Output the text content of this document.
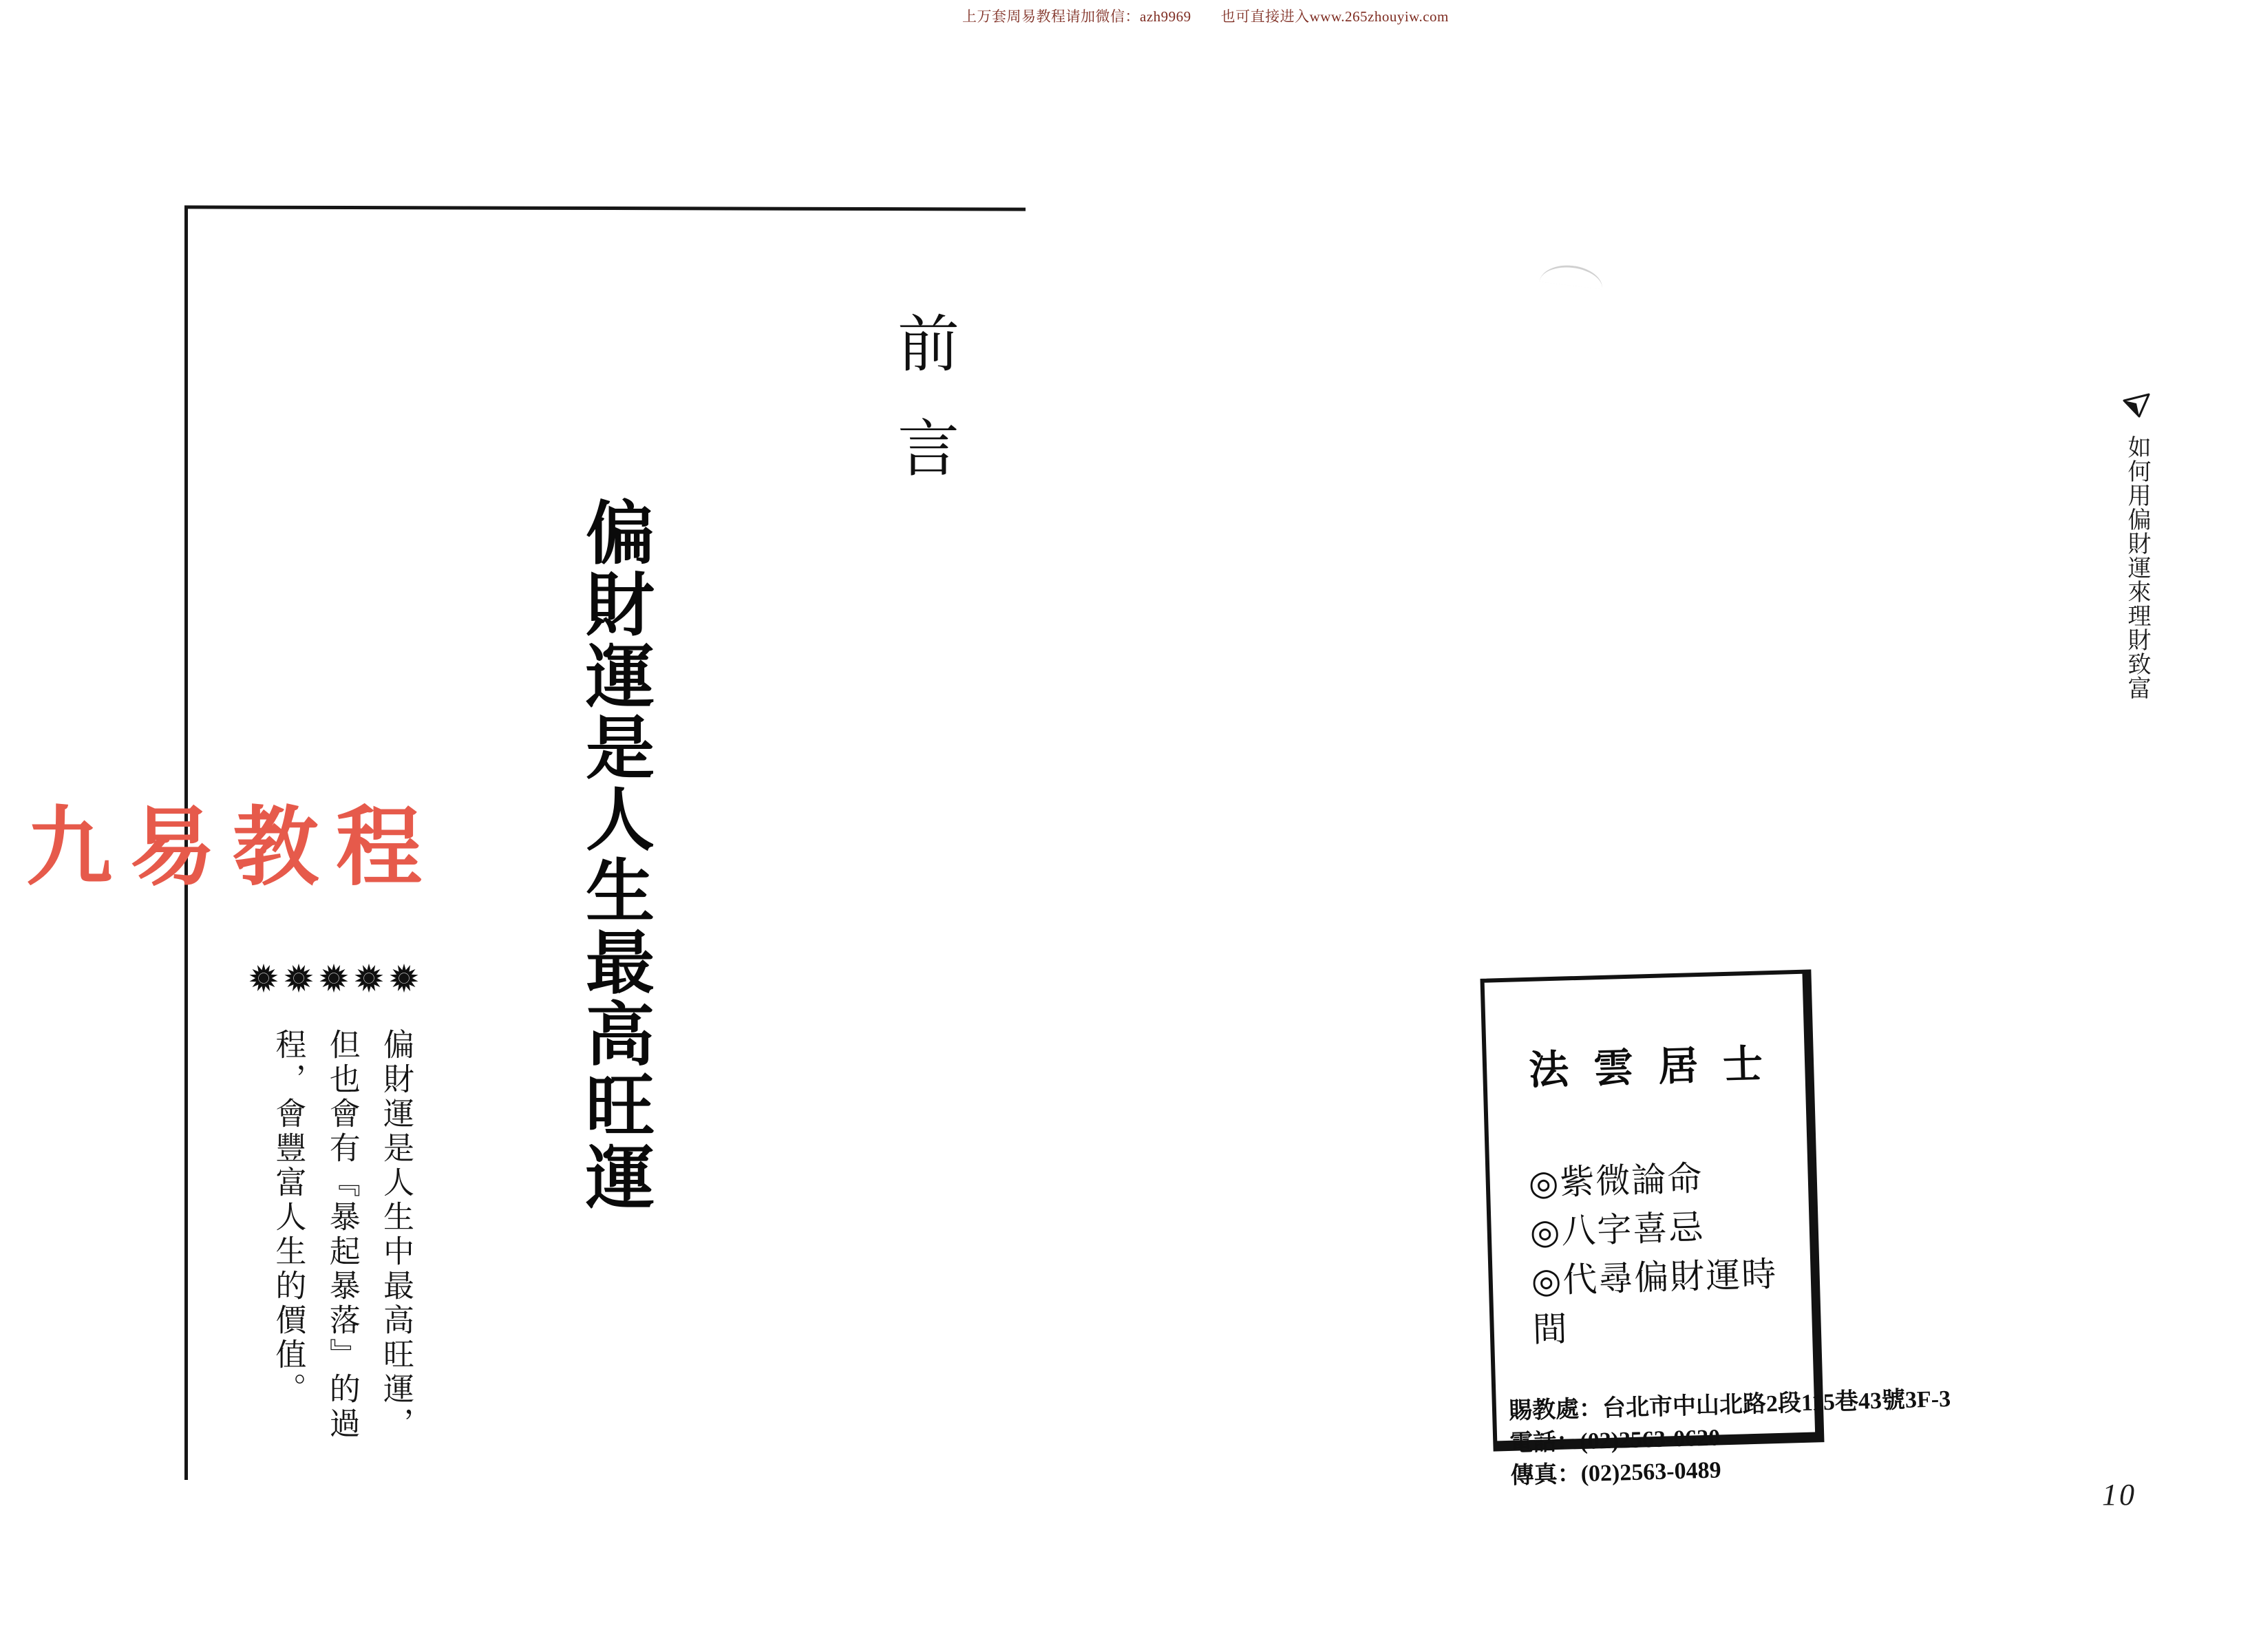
上万套周易教程请加微信：azh9969　　也可直接进入www.265zhouyiw.com
前言
偏財運是人生最高旺運
九易教程
偏財運是人生中最高旺運，但也會有『暴起暴落』的過程，會豐富人生的價值。
如何用偏財運來理財致富
法雲居士
◎紫微論命
◎八字喜忌
◎代尋偏財運時間
賜教處：台北市中山北路2段115巷43號3F-3
電話：(02)2563-0620
傳真：(02)2563-0489
10
